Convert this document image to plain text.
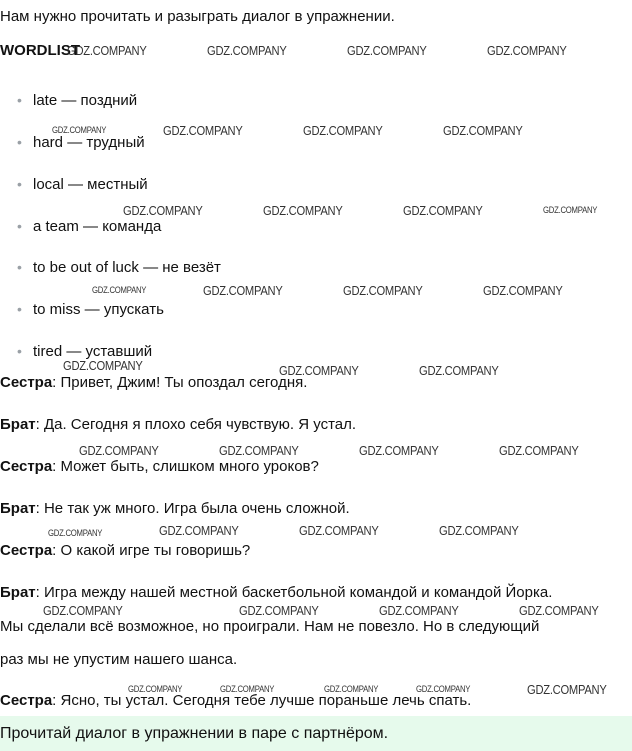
Нам нужно прочитать и разыграть диалог в упражнении.
WORDLIST
• late — поздний
• hard — трудный
• local — местный
• a team — команда
• to be out of luck — не везёт
• to miss — упускать
• tired — уставший
Сестра: Привет, Джим! Ты опоздал сегодня.
Брат: Да. Сегодня я плохо себя чувствую. Я устал.
Сестра: Может быть, слишком много уроков?
Брат: Не так уж много. Игра была очень сложной.
Сестра: О какой игре ты говоришь?
Брат: Игра между нашей местной баскетбольной командой и командой Йорка.
Мы сделали всё возможное, но проиграли. Нам не повезло. Но в следующий
раз мы не упустим нашего шанса.
Сестра: Ясно, ты устал. Сегодня тебе лучше пораньше лечь спать.
Прочитай диалог в упражнении в паре с партнёром.
GDZ.COMPANY	GDZ.COMPANY	GDZ.COMPANY	GDZ.COMPANY
GDZ.COMPANY	GDZ.COMPANY	GDZ.COMPANY	GDZ.COMPANY
GDZ.COMPANY	GDZ.COMPANY	GDZ.COMPANY	GDZ.COMPANY
GDZ.COMPANY	GDZ.COMPANY	GDZ.COMPANY	GDZ.COMPANY
GDZ.COMPANY	GDZ.COMPANY	GDZ.COMPANY
GDZ.COMPANY	GDZ.COMPANY	GDZ.COMPANY	GDZ.COMPANY
GDZ.COMPANY	GDZ.COMPANY	GDZ.COMPANY	GDZ.COMPANY
GDZ.COMPANY	GDZ.COMPANY	GDZ.COMPANY	GDZ.COMPANY
GDZ.COMPANY	GDZ.COMPANY	GDZ.COMPANY	GDZ.COMPANY	GDZ.COMPANY
